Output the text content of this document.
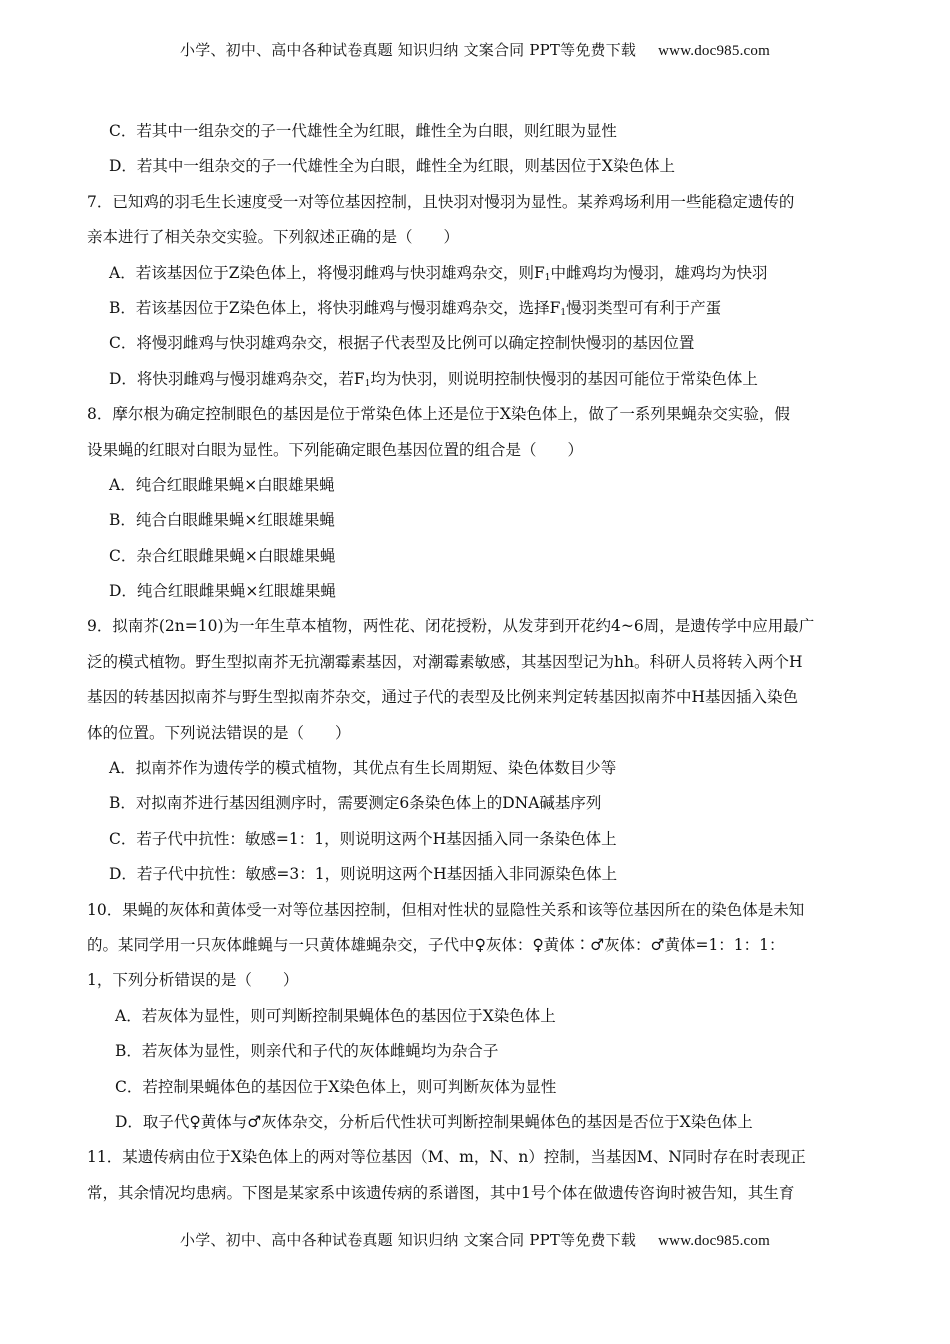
小学、初中、高中各种试卷真题 知识归纳 文案合同 PPT等免费下载 www.doc985.com
C．若其中一组杂交的子一代雄性全为红眼，雌性全为白眼，则红眼为显性
D．若其中一组杂交的子一代雄性全为白眼，雌性全为红眼，则基因位于X染色体上
7．已知鸡的羽毛生长速度受一对等位基因控制，且快羽对慢羽为显性。某养鸡场利用一些能稳定遗传的
亲本进行了相关杂交实验。下列叙述正确的是（　　）
A．若该基因位于Z染色体上，将慢羽雌鸡与快羽雄鸡杂交，则$F_1$中雌鸡均为慢羽，雄鸡均为快羽
B．若该基因位于Z染色体上，将快羽雌鸡与慢羽雄鸡杂交，选择$F_1$慢羽类型可有利于产蛋
C．将慢羽雌鸡与快羽雄鸡杂交，根据子代表型及比例可以确定控制快慢羽的基因位置
D．将快羽雌鸡与慢羽雄鸡杂交，若$F_1$均为快羽，则说明控制快慢羽的基因可能位于常染色体上
8．摩尔根为确定控制眼色的基因是位于常染色体上还是位于X染色体上，做了一系列果蝇杂交实验，假
设果蝇的红眼对白眼为显性。下列能确定眼色基因位置的组合是（　　）
A．纯合红眼雌果蝇×白眼雄果蝇
B．纯合白眼雌果蝇×红眼雄果蝇
C．杂合红眼雌果蝇×白眼雄果蝇
D．纯合红眼雌果蝇×红眼雄果蝇
9．拟南芥(2n=10)为一年生草本植物，两性花、闭花授粉，从发芽到开花约4~6周，是遗传学中应用最广
泛的模式植物。野生型拟南芥无抗潮霉素基因，对潮霉素敏感，其基因型记为hh。科研人员将转入两个H
基因的转基因拟南芥与野生型拟南芥杂交，通过子代的表型及比例来判定转基因拟南芥中H基因插入染色
体的位置。下列说法错误的是（　　）
A．拟南芥作为遗传学的模式植物，其优点有生长周期短、染色体数目少等
B．对拟南芥进行基因组测序时，需要测定6条染色体上的DNA碱基序列
C．若子代中抗性：敏感=1：1，则说明这两个H基因插入同一条染色体上
D．若子代中抗性：敏感=3：1，则说明这两个H基因插入非同源染色体上
10．果蝇的灰体和黄体受一对等位基因控制，但相对性状的显隐性关系和该等位基因所在的染色体是未知
的。某同学用一只灰体雌蝇与一只黄体雄蝇杂交，子代中♀灰体：♀黄体∶♂灰体：♂黄体=1：1：1：
1，下列分析错误的是（　　）
A．若灰体为显性，则可判断控制果蝇体色的基因位于X染色体上
B．若灰体为显性，则亲代和子代的灰体雌蝇均为杂合子
C．若控制果蝇体色的基因位于X染色体上，则可判断灰体为显性
D．取子代♀黄体与♂灰体杂交，分析后代性状可判断控制果蝇体色的基因是否位于X染色体上
11．某遗传病由位于X染色体上的两对等位基因（M、m，N、n）控制，当基因M、N同时存在时表现正
常，其余情况均患病。下图是某家系中该遗传病的系谱图，其中1号个体在做遗传咨询时被告知，其生育
小学、初中、高中各种试卷真题 知识归纳 文案合同 PPT等免费下载 www.doc985.com
